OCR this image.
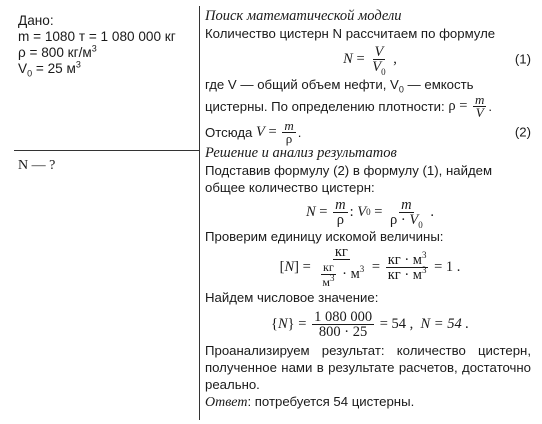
Дано:
m = 1080 т = 1 080 000 кг
ρ = 800 $кг/м^3$
$V_0 = 25$ $м^3$
N — ?

Поиск математической модели

Количество цистерн N рассчитаем по формуле

$N = \frac{V}{V_0}$ ,	(1)

где V — общий объем нефти, $V_0$ — емкость

цистерны. По определению плотности:
$\rho = \frac{m}{V}$ .

Отсюда
$V = \frac{m}{\rho}$ .	(2)

Решение и анализ результатов

Подставив формулу (2) в формулу (1), найдем

общее количество цистерн:

$N = \frac{m}{\rho}$ : V $0 = \frac{m}{\rho \cdot V_0}$ .

Проверим единицу искомой величины:

$[N] = \frac{кг}{\frac{кг}{м^3} \cdot м^3} = \frac{кг \cdot м^3}{кг \cdot м^3}$
= 1 .

Найдем числовое значение:

$\{N\} = \frac{1 080 000}{800 \cdot 25}$
= 54 ,
N = 54 .

Проанализируем результат: количество цистерн, полученное нами в результате расчетов, достаточно реально.

Ответ: потребуется 54 цистерны.
